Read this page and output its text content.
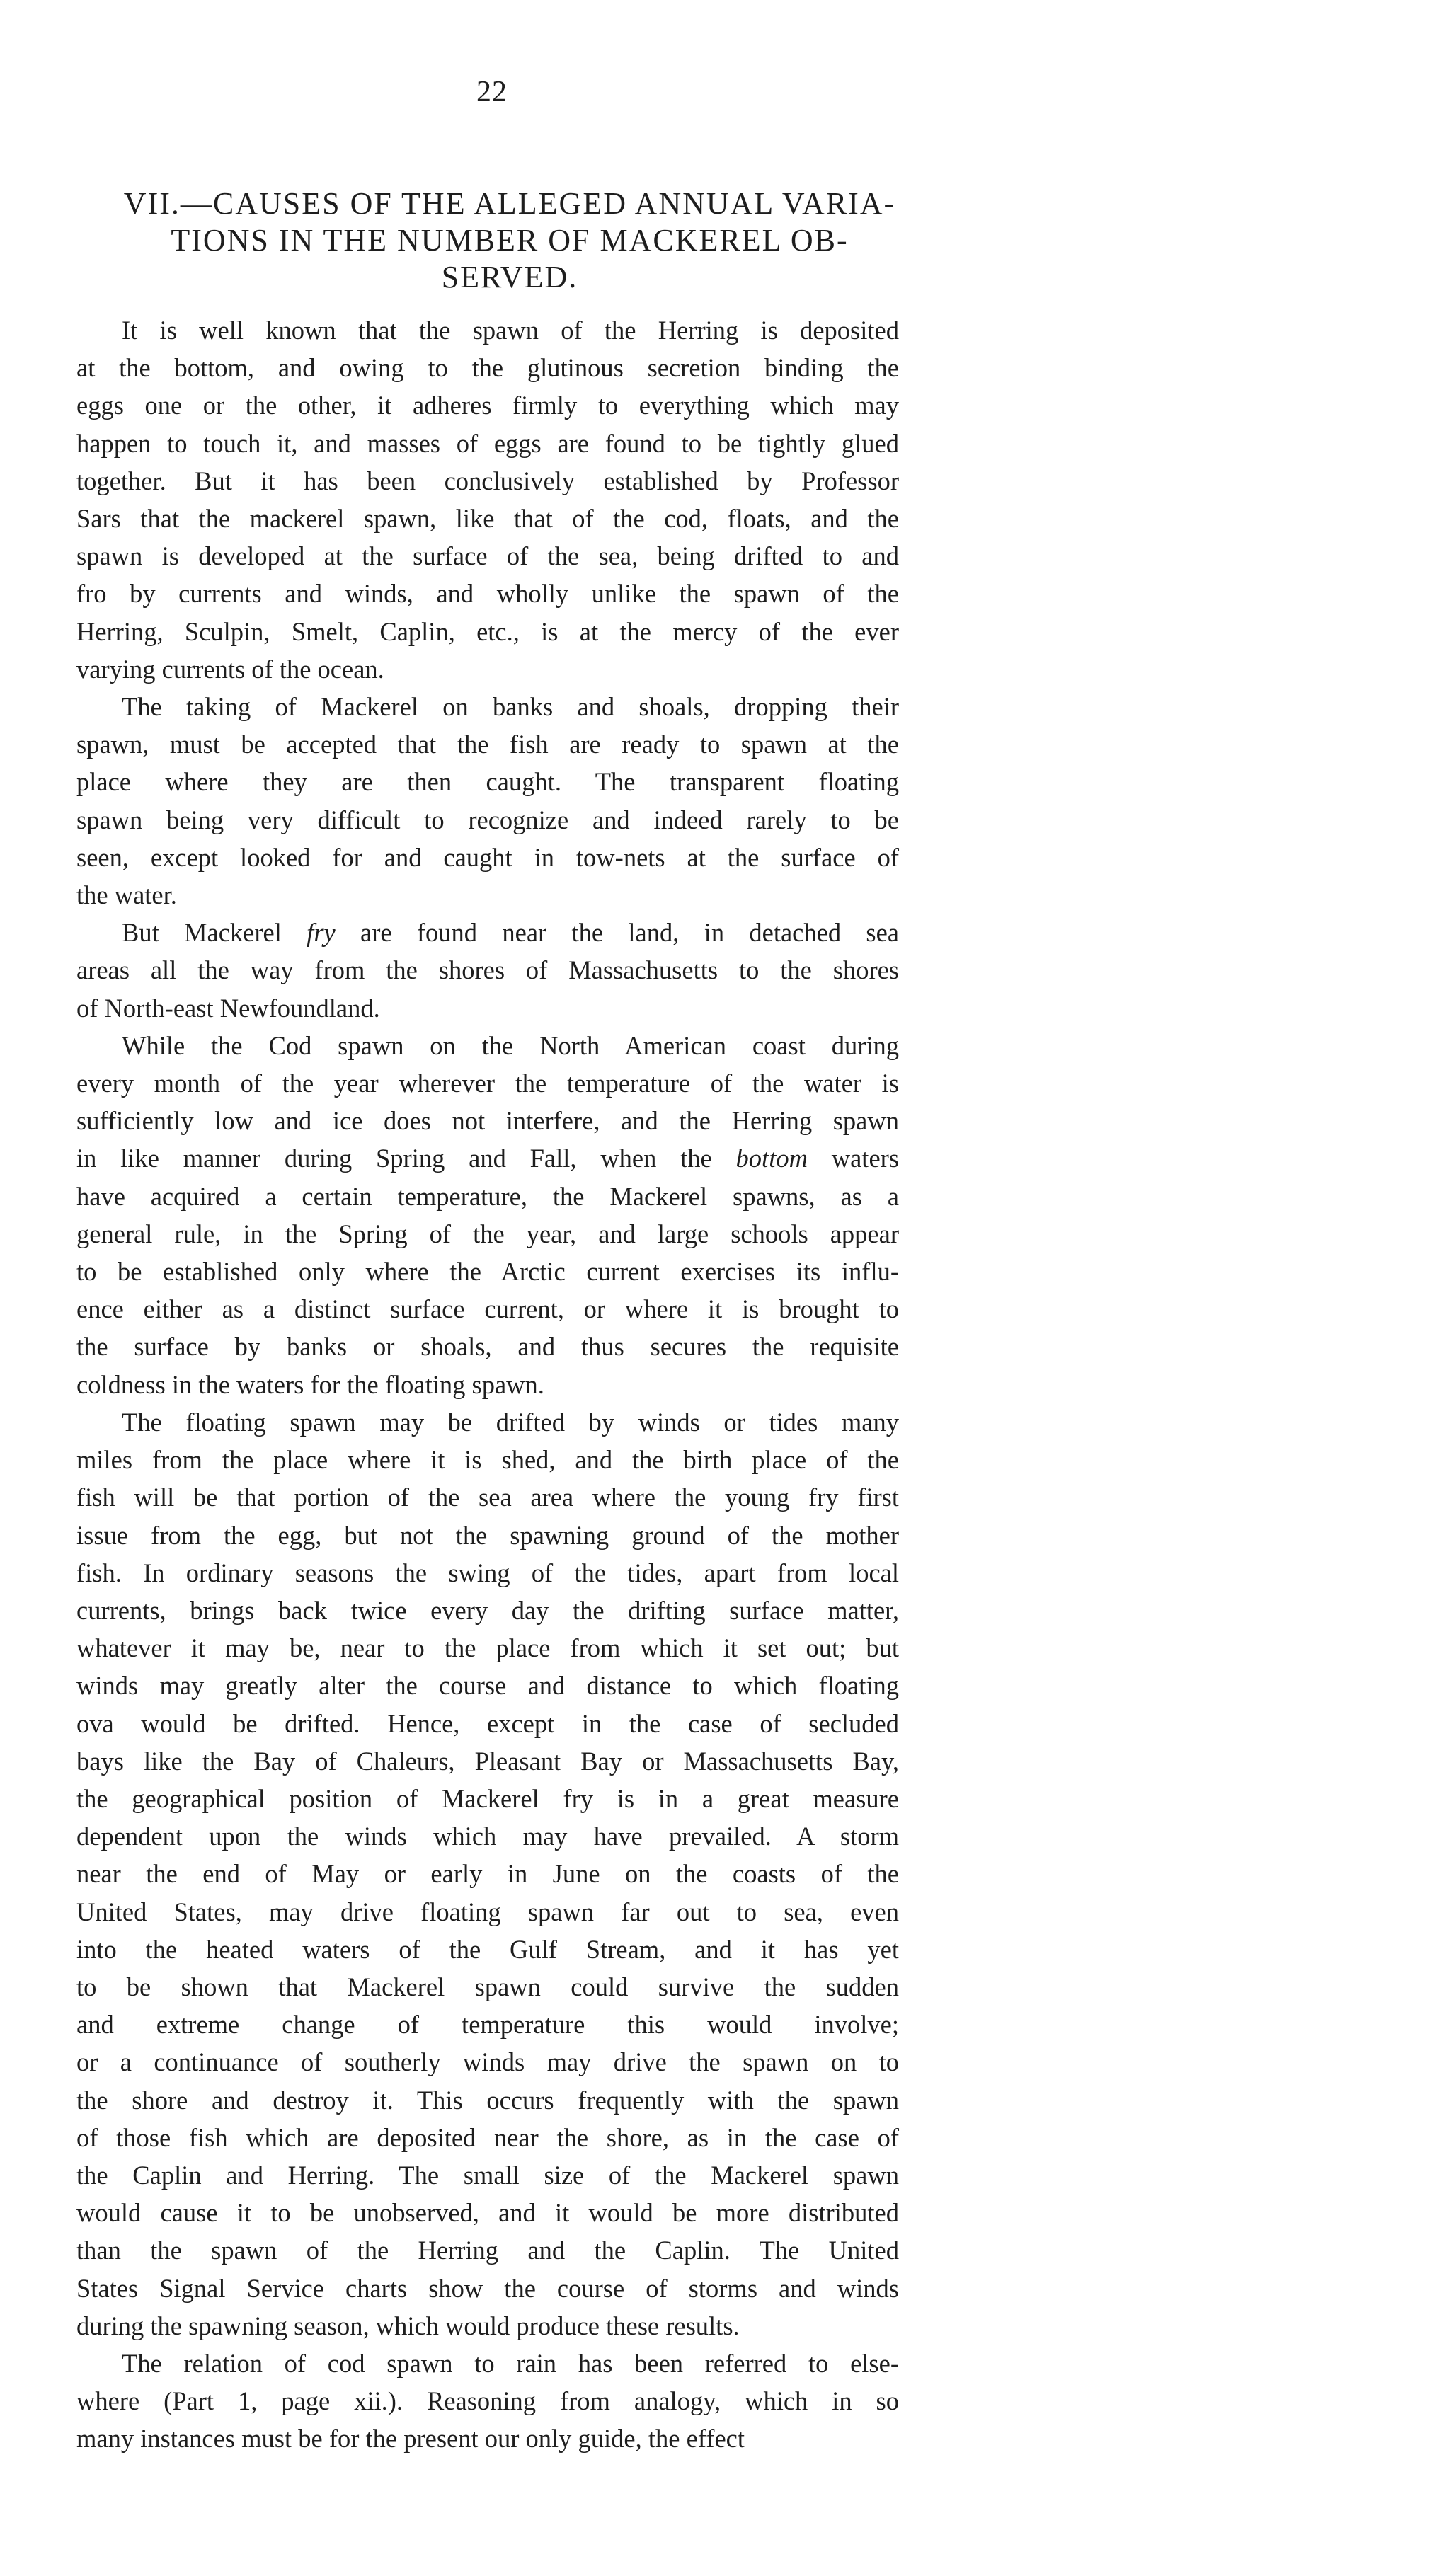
22
VII.—CAUSES OF THE ALLEGED ANNUAL VARIA-
TIONS IN THE NUMBER OF MACKEREL OB-
SERVED.
It is well known that the spawn of the Herring is deposited
at the bottom, and owing to the glutinous secretion binding the
eggs one or the other, it adheres firmly to everything which may
happen to touch it, and masses of eggs are found to be tightly glued
together. But it has been conclusively established by Professor
Sars that the mackerel spawn, like that of the cod, floats, and the
spawn is developed at the surface of the sea, being drifted to and
fro by currents and winds, and wholly unlike the spawn of the
Herring, Sculpin, Smelt, Caplin, etc., is at the mercy of the ever
varying currents of the ocean.
The taking of Mackerel on banks and shoals, dropping their
spawn, must be accepted that the fish are ready to spawn at the
place where they are then caught. The transparent floating
spawn being very difficult to recognize and indeed rarely to be
seen, except looked for and caught in tow-nets at the surface of
the water.
But Mackerel fry are found near the land, in detached sea
areas all the way from the shores of Massachusetts to the shores
of North-east Newfoundland.
While the Cod spawn on the North American coast during
every month of the year wherever the temperature of the water is
sufficiently low and ice does not interfere, and the Herring spawn
in like manner during Spring and Fall, when the bottom waters
have acquired a certain temperature, the Mackerel spawns, as a
general rule, in the Spring of the year, and large schools appear
to be established only where the Arctic current exercises its influ-
ence either as a distinct surface current, or where it is brought to
the surface by banks or shoals, and thus secures the requisite
coldness in the waters for the floating spawn.
The floating spawn may be drifted by winds or tides many
miles from the place where it is shed, and the birth place of the
fish will be that portion of the sea area where the young fry first
issue from the egg, but not the spawning ground of the mother
fish. In ordinary seasons the swing of the tides, apart from local
currents, brings back twice every day the drifting surface matter,
whatever it may be, near to the place from which it set out; but
winds may greatly alter the course and distance to which floating
ova would be drifted. Hence, except in the case of secluded
bays like the Bay of Chaleurs, Pleasant Bay or Massachusetts Bay,
the geographical position of Mackerel fry is in a great measure
dependent upon the winds which may have prevailed. A storm
near the end of May or early in June on the coasts of the
United States, may drive floating spawn far out to sea, even
into the heated waters of the Gulf Stream, and it has yet
to be shown that Mackerel spawn could survive the sudden
and extreme change of temperature this would involve;
or a continuance of southerly winds may drive the spawn on to
the shore and destroy it. This occurs frequently with the spawn
of those fish which are deposited near the shore, as in the case of
the Caplin and Herring. The small size of the Mackerel spawn
would cause it to be unobserved, and it would be more distributed
than the spawn of the Herring and the Caplin. The United
States Signal Service charts show the course of storms and winds
during the spawning season, which would produce these results.
The relation of cod spawn to rain has been referred to else-
where (Part 1, page xii.). Reasoning from analogy, which in so
many instances must be for the present our only guide, the effect
